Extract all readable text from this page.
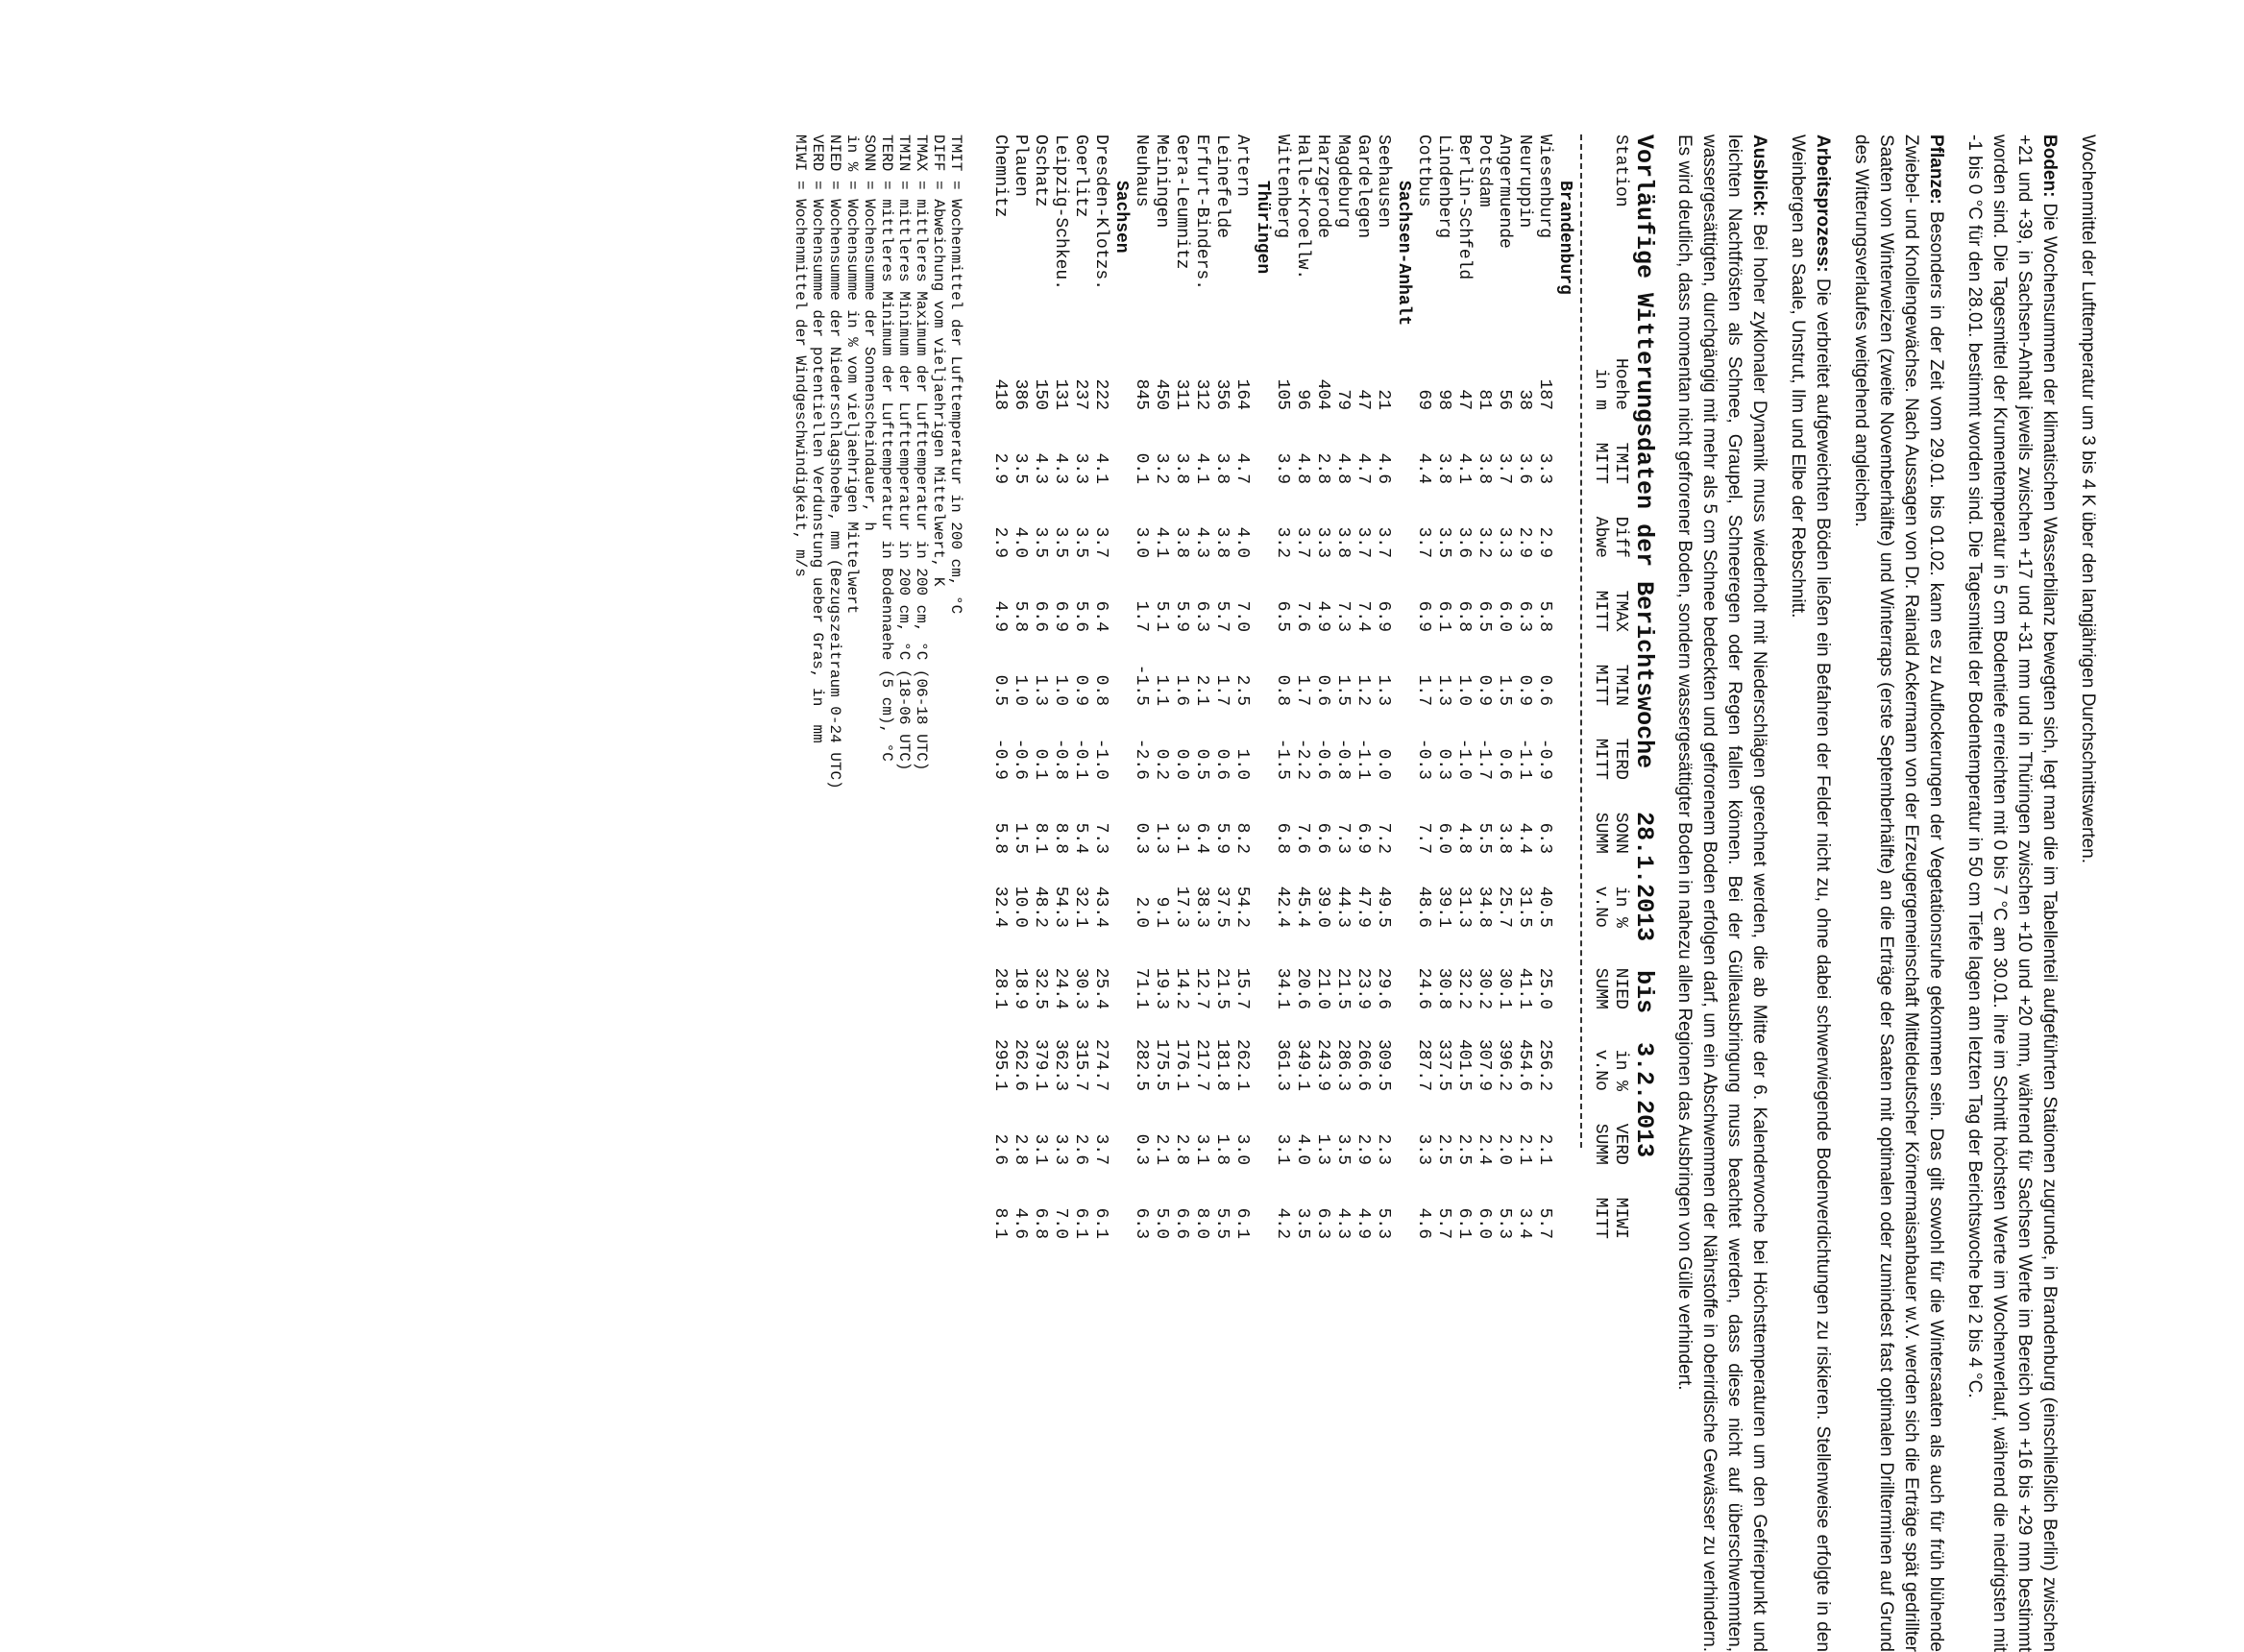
Wochenmittel der Lufttemperatur um 3 bis 4 K über den langjährigen Durchschnittswerten.

Boden: Die Wochensummen der klimatischen Wasserbilanz bewegten sich, legt man die im Tabellenteil aufgeführten Stationen zugrunde, in Brandenburg (einschließlich Berlin) zwischen +21 und +39, in Sachsen-Anhalt jeweils zwischen +17 und +31 mm und in Thüringen zwischen +10 und +20 mm, während für Sachsen Werte im Bereich von +16 bis +29 mm bestimmt worden sind. Die Tagesmittel der Krumentemperatur in 5 cm Bodentiefe erreichten mit 0 bis 7 °C am 30.01. ihre im Schnitt höchsten Werte im Wochenverlauf, während die niedrigsten mit -1 bis 0 °C für den 28.01. bestimmt worden sind. Die Tagesmittel der Bodentemperatur in 50 cm Tiefe lagen am letzten Tag der Berichtswoche bei 2 bis 4 °C.

Pflanze: Besonders in der Zeit vom 29.01. bis 01.02. kann es zu Auflockerungen der Vegetationsruhe gekommen sein. Das gilt sowohl für die Wintersaaten als auch für früh blühende Zwiebel- und Knollengewächse. Nach Aussagen von Dr. Rainald Ackermann von der Erzeugergemeinschaft Mitteldeutscher Körnermaisanbauer w.V. werden sich die Erträge spät gedrillter Saaten von Winterweizen (zweite Novemberhälfte) und Winterraps (erste Septemberhälfte) an die Erträge der Saaten mit optimalen oder zumindest fast optimalen Drillterminen auf Grund des Witterungsverlaufes weitgehend angleichen.

Arbeitsprozess: Die verbreitet aufgeweichten Böden ließen ein Befahren der Felder nicht zu, ohne dabei schwerwiegende Bodenverdichtungen zu riskieren. Stellenweise erfolgte in den Weinbergen an Saale, Unstrut, Ilm und Elbe der Rebschnitt.

Ausblick: Bei hoher zyklonaler Dynamik muss wiederholt mit Niederschlägen gerechnet werden, die ab Mitte der 6. Kalenderwoche bei Höchsttemperaturen um den Gefrierpunkt und leichten Nachtfrösten als Schnee, Graupel, Schneeregen oder Regen fallen können. Bei der Gülleausbringung muss beachtet werden, dass diese nicht auf überschwemmten, wassergesättigten, durchgängig mit mehr als 5 cm Schnee bedeckten und gefrorenem Boden erfolgen darf, um ein Abschwemmen der Nährstoffe in oberirdische Gewässer zu verhindern. Es wird deutlich, dass momentan nicht gefrorener Boden, sondern wassergesättigter Boden in nahezu allen Regionen das Ausbringen von Gülle verhindert.

Vorläufige Witterungsdaten der Berichtswoche   28.1.2013  bis  3.2.2013
Station	Hoehe	TMIT	Diff	TMAX	TMIN	TERD	SONN	in %	NIED	in %	VERD	MIWI
	in m	MITT	Abwe	MITT	MITT	MITT	SUMM	v.No	SUMM	v.No	SUMM	MITT

Brandenburg												
Wiesenburg	187	3.3	2.9	5.8	0.6	-0.9	6.3	40.5	25.0	256.2	2.1	5.7
Neuruppin	38	3.6	2.9	6.3	0.9	-1.1	4.4	31.5	41.1	454.6	2.1	3.4
Angermuende	56	3.7	3.3	6.0	1.5	0.6	3.8	25.7	30.1	396.2	2.0	5.3
Potsdam	81	3.8	3.2	6.5	0.9	-1.7	5.5	34.8	30.2	307.9	2.4	6.0
Berlin-Schfeld	47	4.1	3.6	6.8	1.0	-1.0	4.8	31.3	32.2	401.5	2.5	6.1
Lindenberg	98	3.8	3.5	6.1	1.3	0.3	6.0	39.1	30.8	337.5	2.5	5.7
Cottbus	69	4.4	3.7	6.9	1.7	-0.3	7.7	48.6	24.6	287.7	3.3	4.6
Sachsen-Anhalt												
Seehausen	21	4.6	3.7	6.9	1.3	0.0	7.2	49.5	29.6	309.5	2.3	5.3
Gardelegen	47	4.7	3.7	7.4	1.2	-1.1	6.9	47.9	23.9	266.6	2.9	4.9
Magdeburg	79	4.8	3.8	7.3	1.5	-0.8	7.3	44.3	21.5	286.3	3.5	4.3
Harzgerode	404	2.8	3.3	4.9	0.6	-0.6	6.6	39.0	21.0	243.9	1.3	6.3
Halle-Kroellw.	96	4.8	3.7	7.6	1.7	-2.2	7.6	45.4	20.6	349.1	4.0	3.5
Wittenberg	105	3.9	3.2	6.5	0.8	-1.5	6.8	42.4	34.1	361.3	3.1	4.2
Thüringen												
Artern	164	4.7	4.0	7.0	2.5	1.0	8.2	54.2	15.7	262.1	3.0	6.1
Leinefelde	356	3.8	3.8	5.7	1.7	0.6	5.9	37.5	21.5	181.8	1.8	5.5
Erfurt-Binders.	312	4.1	4.3	6.3	2.1	0.5	6.4	38.3	12.7	217.7	3.1	8.0
Gera-Leumnitz	311	3.8	3.8	5.9	1.6	0.0	3.1	17.3	14.2	176.1	2.8	6.6
Meiningen	450	3.2	4.1	5.1	1.1	0.2	1.3	9.1	19.3	175.5	2.1	5.0
Neuhaus	845	0.1	3.0	1.7	-1.5	-2.6	0.3	2.0	71.1	282.5	0.3	6.3
Sachsen												
Dresden-Klotzs.	222	4.1	3.7	6.4	0.8	-1.0	7.3	43.4	25.4	274.7	3.7	6.1
Goerlitz	237	3.3	3.5	5.6	0.9	-0.1	5.4	32.1	30.3	315.7	2.6	6.1
Leipzig-Schkeu.	131	4.3	3.5	6.9	1.0	-0.8	8.8	54.3	24.4	362.3	3.3	7.0
Oschatz	150	4.3	3.5	6.6	1.3	0.1	8.1	48.2	32.5	379.1	3.1	6.8
Plauen	386	3.5	4.0	5.8	1.0	-0.6	1.5	10.0	18.9	262.6	2.8	4.6
Chemnitz	418	2.9	2.9	4.9	0.5	-0.9	5.8	32.4	28.1	295.1	2.6	8.1
TMIT = Wochenmittel der Lufttemperatur in 200 cm, °C
DIFF = Abweichung vom vieljaehrigen Mittelwert, K
TMAX = mittleres Maximum der Lufttemperatur in 200 cm, °C (06-18 UTC)
TMIN = mittleres Minimum der Lufttemperatur in 200 cm, °C (18-06 UTC)
TERD = mittleres Minimum der Lufttemperatur in Bodennaehe (5 cm), °C
SONN = Wochensumme der Sonnenscheindauer, h
in % = Wochensumme in % vom vieljaehrigen Mittelwert
NIED = Wochensumme der Niederschlagshoehe, mm (Bezugszeitraum 0-24 UTC)
VERD = Wochensumme der potentiellen Verdunstung ueber Gras, in  mm
MIWI = Wochenmittel der Windgeschwindigkeit, m/s
